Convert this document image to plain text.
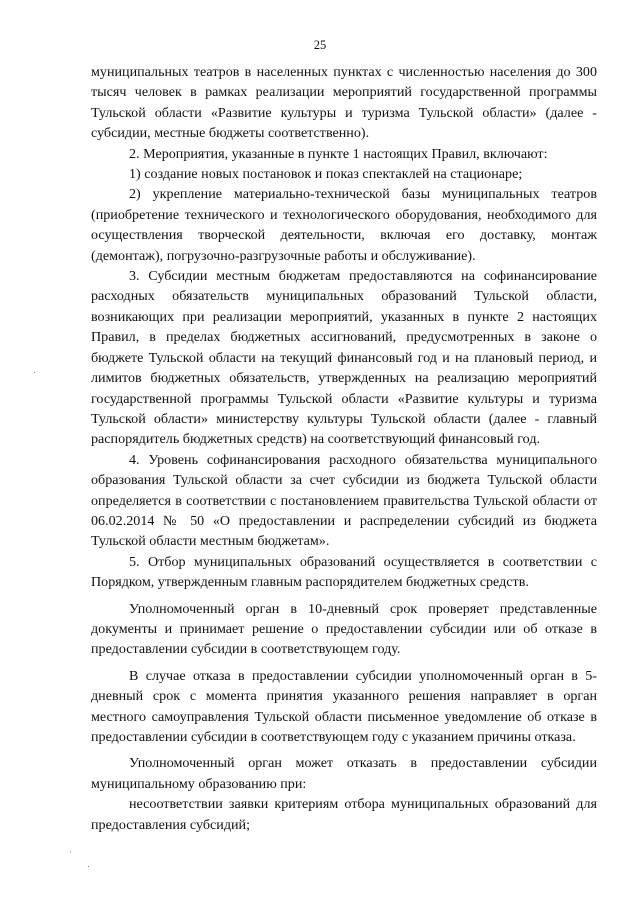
25

муниципальных театров в населенных пунктах с численностью населения до 300 тысяч человек в рамках реализации мероприятий государственной программы Тульской области «Развитие культуры и туризма Тульской области» (далее - субсидии, местные бюджеты соответственно).

2. Мероприятия, указанные в пункте 1 настоящих Правил, включают:

1) создание новых постановок и показ спектаклей на стационаре;

2) укрепление материально-технической базы муниципальных театров (приобретение технического и технологического оборудования, необходимого для осуществления творческой деятельности, включая его доставку, монтаж (демонтаж), погрузочно-разгрузочные работы и обслуживание).

3. Субсидии местным бюджетам предоставляются на софинансирование расходных обязательств муниципальных образований Тульской области, возникающих при реализации мероприятий, указанных в пункте 2 настоящих Правил, в пределах бюджетных ассигнований, предусмотренных в законе о бюджете Тульской области на текущий финансовый год и на плановый период, и лимитов бюджетных обязательств, утвержденных на реализацию мероприятий государственной программы Тульской области «Развитие культуры и туризма Тульской области» министерству культуры Тульской области (далее - главный распорядитель бюджетных средств) на соответствующий финансовый год.

4. Уровень софинансирования расходного обязательства муниципального образования Тульской области за счет субсидии из бюджета Тульской области определяется в соответствии с постановлением правительства Тульской области от 06.02.2014 № 50 «О предоставлении и распределении субсидий из бюджета Тульской области местным бюджетам».

5. Отбор муниципальных образований осуществляется в соответствии с Порядком, утвержденным главным распорядителем бюджетных средств.

Уполномоченный орган в 10-дневный срок проверяет представленные документы и принимает решение о предоставлении субсидии или об отказе в предоставлении субсидии в соответствующем году.

В случае отказа в предоставлении субсидии уполномоченный орган в 5-дневный срок с момента принятия указанного решения направляет в орган местного самоуправления Тульской области письменное уведомление об отказе в предоставлении субсидии в соответствующем году с указанием причины отказа.

Уполномоченный орган может отказать в предоставлении субсидии муниципальному образованию при:

несоответствии заявки критериям отбора муниципальных образований для предоставления субсидий;
